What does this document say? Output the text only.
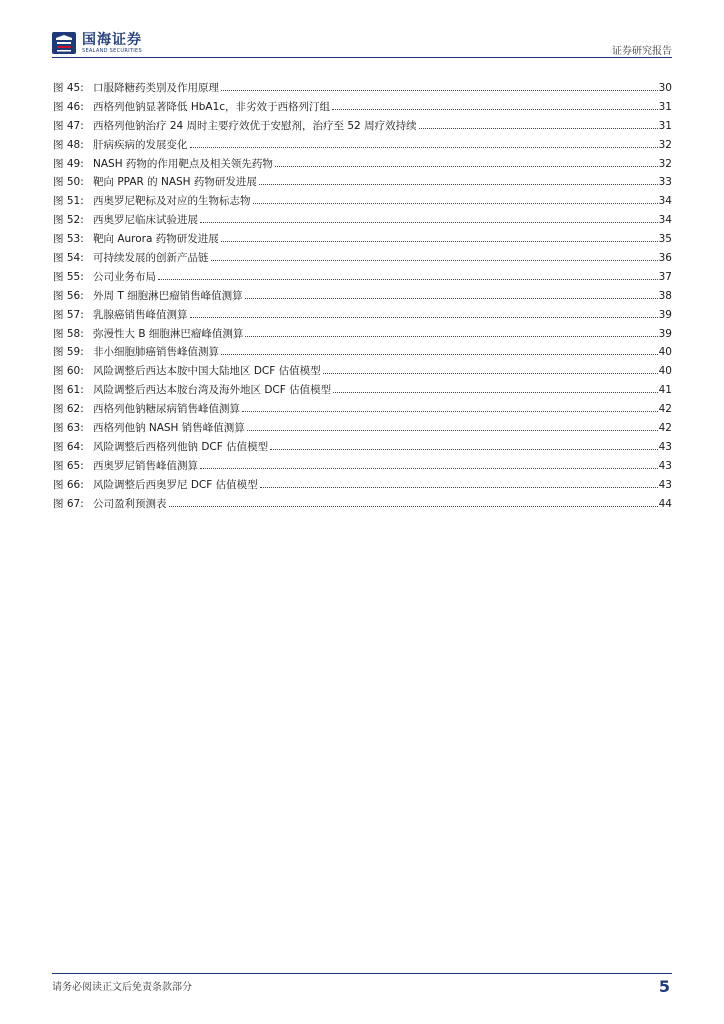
国海证券
SEALAND SECURITIES	证券研究报告
图 45: 口服降糖药类别及作用原理	30
图 46: 西格列他钠显著降低 HbA1c，非劣效于西格列汀组	31
图 47: 西格列他钠治疗 24 周时主要疗效优于安慰剂，治疗至 52 周疗效持续	31
图 48: 肝病疾病的发展变化	32
图 49: NASH 药物的作用靶点及相关领先药物	32
图 50: 靶向 PPAR 的 NASH 药物研发进展	33
图 51: 西奥罗尼靶标及对应的生物标志物	34
图 52: 西奥罗尼临床试验进展	34
图 53: 靶向 Aurora 药物研发进展	35
图 54: 可持续发展的创新产品链	36
图 55: 公司业务布局	37
图 56: 外周 T 细胞淋巴瘤销售峰值测算	38
图 57: 乳腺癌销售峰值测算	39
图 58: 弥漫性大 B 细胞淋巴瘤峰值测算	39
图 59: 非小细胞肺癌销售峰值测算	40
图 60: 风险调整后西达本胺中国大陆地区 DCF 估值模型	40
图 61: 风险调整后西达本胺台湾及海外地区 DCF 估值模型	41
图 62: 西格列他钠糖尿病销售峰值测算	42
图 63: 西格列他钠 NASH 销售峰值测算	42
图 64: 风险调整后西格列他钠 DCF 估值模型	43
图 65: 西奥罗尼销售峰值测算	43
图 66: 风险调整后西奥罗尼 DCF 估值模型	43
图 67: 公司盈利预测表	44
请务必阅读正文后免责条款部分	5
